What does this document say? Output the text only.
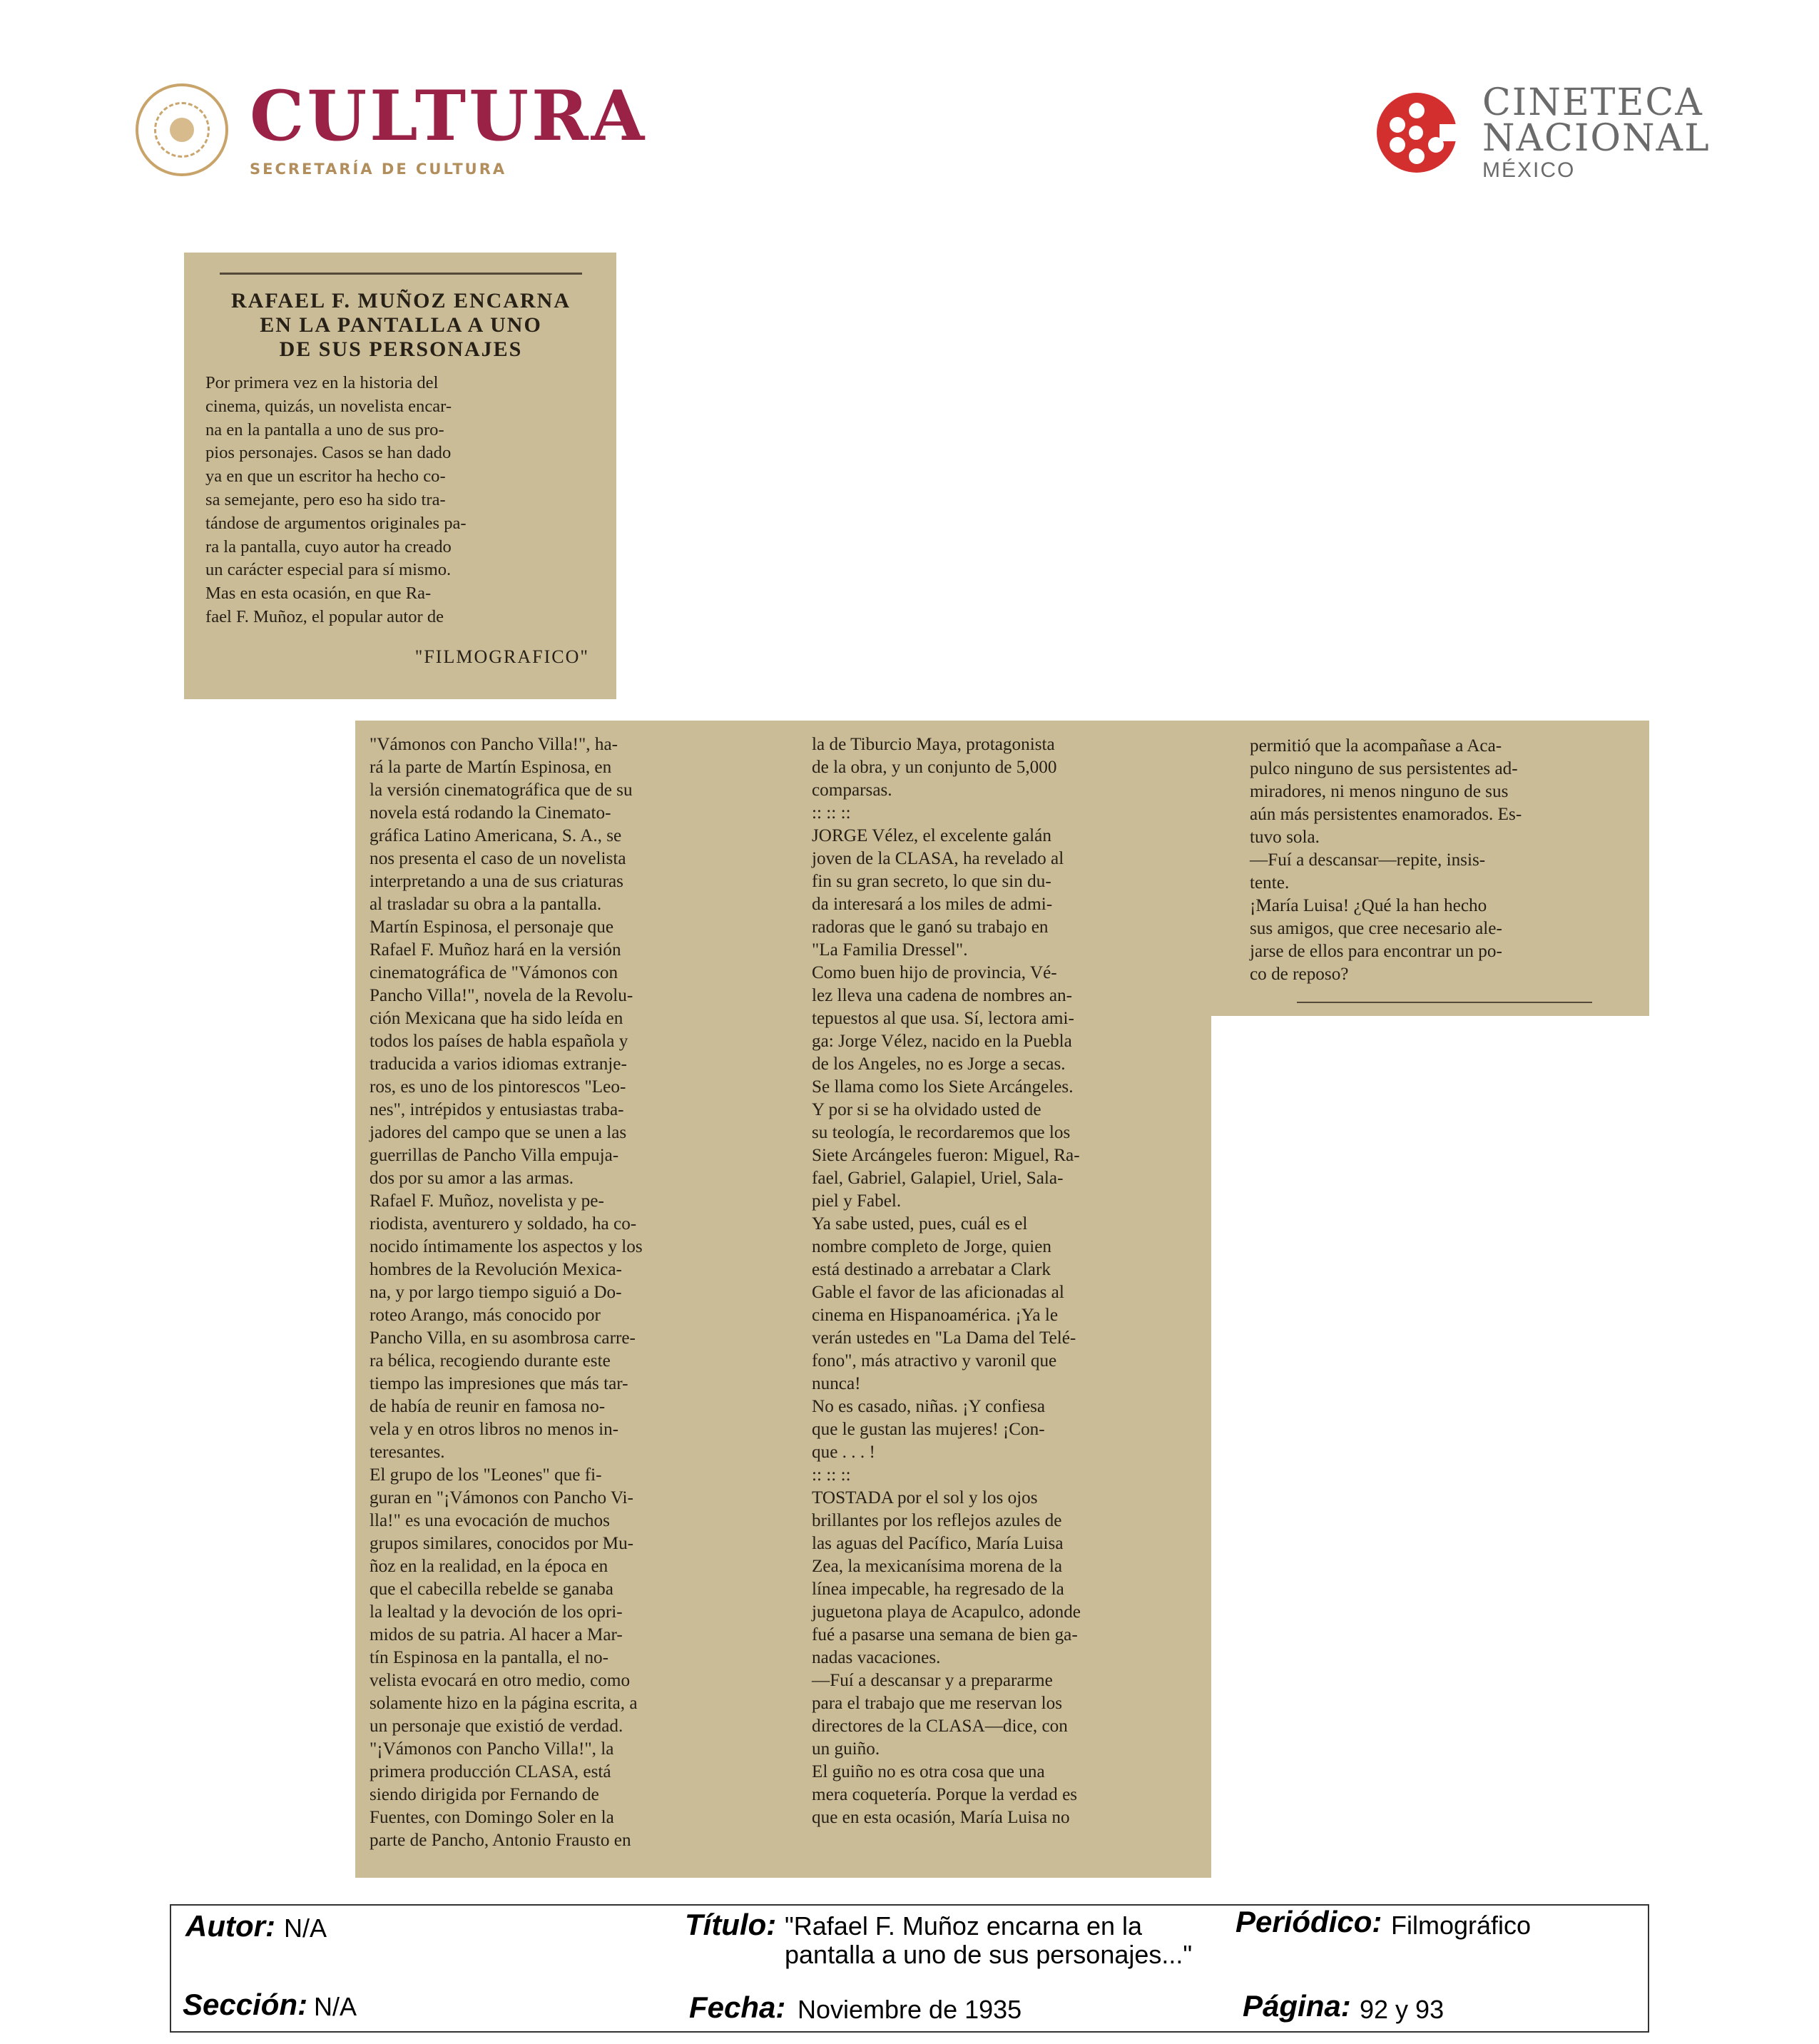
CULTURA
SECRETARÍA DE CULTURA
CINETECA
NACIONAL
MÉXICO
RAFAEL F. MUÑOZ ENCARNA
EN LA PANTALLA A UNO
DE SUS PERSONAJES
Por primera vez en la historia del
cinema, quizás, un novelista encar-
na en la pantalla a uno de sus pro-
pios personajes. Casos se han dado
ya en que un escritor ha hecho co-
sa semejante, pero eso ha sido tra-
tándose de argumentos originales pa-
ra la pantalla, cuyo autor ha creado
un carácter especial para sí mismo.
Mas en esta ocasión, en que Ra-
fael F. Muñoz, el popular autor de
"FILMOGRAFICO"
"Vámonos con Pancho Villa!", ha-
rá la parte de Martín Espinosa, en
la versión cinematográfica que de su
novela está rodando la Cinemato-
gráfica Latino Americana, S. A., se
nos presenta el caso de un novelista
interpretando a una de sus criaturas
al trasladar su obra a la pantalla.
Martín Espinosa, el personaje que
Rafael F. Muñoz hará en la versión
cinematográfica de "Vámonos con
Pancho Villa!", novela de la Revolu-
ción Mexicana que ha sido leída en
todos los países de habla española y
traducida a varios idiomas extranje-
ros, es uno de los pintorescos "Leo-
nes", intrépidos y entusiastas traba-
jadores del campo que se unen a las
guerrillas de Pancho Villa empuja-
dos por su amor a las armas.
Rafael F. Muñoz, novelista y pe-
riodista, aventurero y soldado, ha co-
nocido íntimamente los aspectos y los
hombres de la Revolución Mexica-
na, y por largo tiempo siguió a Do-
roteo Arango, más conocido por
Pancho Villa, en su asombrosa carre-
ra bélica, recogiendo durante este
tiempo las impresiones que más tar-
de había de reunir en famosa no-
vela y en otros libros no menos in-
teresantes.
El grupo de los "Leones" que fi-
guran en "¡Vámonos con Pancho Vi-
lla!" es una evocación de muchos
grupos similares, conocidos por Mu-
ñoz en la realidad, en la época en
que el cabecilla rebelde se ganaba
la lealtad y la devoción de los opri-
midos de su patria. Al hacer a Mar-
tín Espinosa en la pantalla, el no-
velista evocará en otro medio, como
solamente hizo en la página escrita, a
un personaje que existió de verdad.
"¡Vámonos con Pancho Villa!", la
primera producción CLASA, está
siendo dirigida por Fernando de
Fuentes, con Domingo Soler en la
parte de Pancho, Antonio Frausto en
la de Tiburcio Maya, protagonista
de la obra, y un conjunto de 5,000
comparsas.
:: :: ::
JORGE Vélez, el excelente galán
joven de la CLASA, ha revelado al
fin su gran secreto, lo que sin du-
da interesará a los miles de admi-
radoras que le ganó su trabajo en
"La Familia Dressel".
Como buen hijo de provincia, Vé-
lez lleva una cadena de nombres an-
tepuestos al que usa. Sí, lectora ami-
ga: Jorge Vélez, nacido en la Puebla
de los Angeles, no es Jorge a secas.
Se llama como los Siete Arcángeles.
Y por si se ha olvidado usted de
su teología, le recordaremos que los
Siete Arcángeles fueron: Miguel, Ra-
fael, Gabriel, Galapiel, Uriel, Sala-
piel y Fabel.
Ya sabe usted, pues, cuál es el
nombre completo de Jorge, quien
está destinado a arrebatar a Clark
Gable el favor de las aficionadas al
cinema en Hispanoamérica. ¡Ya le
verán ustedes en "La Dama del Telé-
fono", más atractivo y varonil que
nunca!
No es casado, niñas. ¡Y confiesa
que le gustan las mujeres! ¡Con-
que . . . !
:: :: ::
TOSTADA por el sol y los ojos
brillantes por los reflejos azules de
las aguas del Pacífico, María Luisa
Zea, la mexicanísima morena de la
línea impecable, ha regresado de la
juguetona playa de Acapulco, adonde
fué a pasarse una semana de bien ga-
nadas vacaciones.
—Fuí a descansar y a prepararme
para el trabajo que me reservan los
directores de la CLASA—dice, con
un guiño.
El guiño no es otra cosa que una
mera coquetería. Porque la verdad es
que en esta ocasión, María Luisa no
permitió que la acompañase a Aca-
pulco ninguno de sus persistentes ad-
miradores, ni menos ninguno de sus
aún más persistentes enamorados. Es-
tuvo sola.
—Fuí a descansar—repite, insis-
tente.
¡María Luisa! ¿Qué la han hecho
sus amigos, que cree necesario ale-
jarse de ellos para encontrar un po-
co de reposo?
Autor: N/A	Título: "Rafael F. Muñoz encarna en la
pantalla a uno de sus personajes..."
Periódico: Filmográfico
Sección: N/A	Fecha: Noviembre de 1935	Página: 92 y 93
